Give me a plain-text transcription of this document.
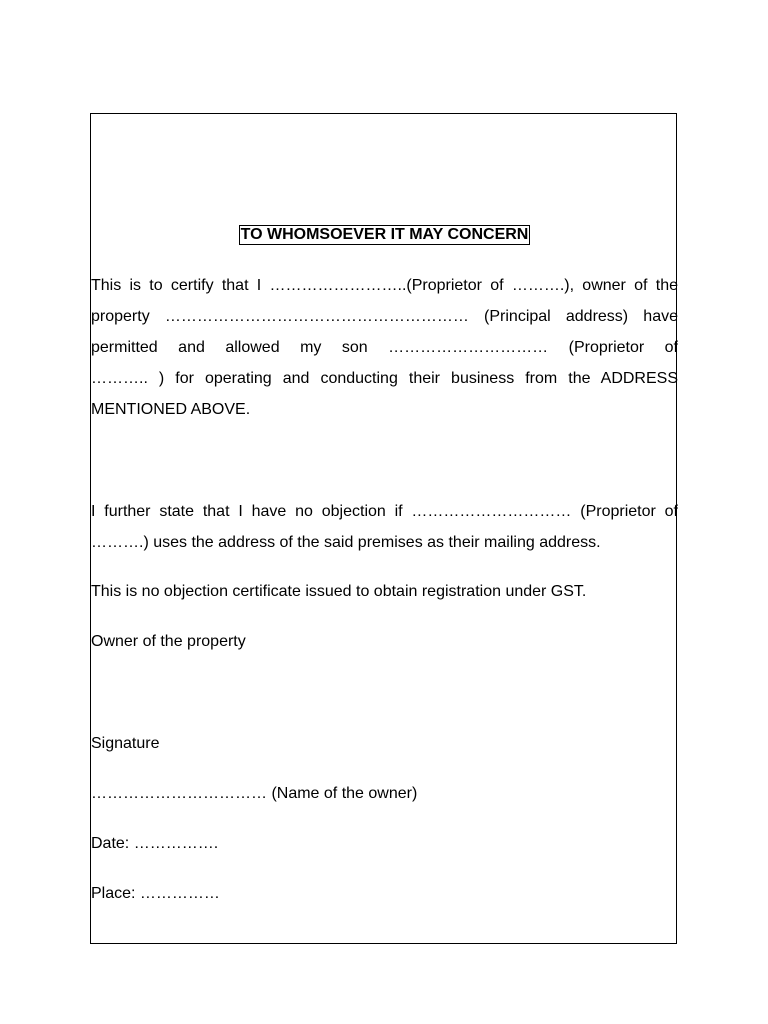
TO WHOMSOEVER IT MAY CONCERN
This is to certify that I ……………………..(Proprietor of ……….), owner of the
property ………………………………………………… (Principal address) have
permitted and allowed my son ………………………… (Proprietor of
……….. ) for operating and conducting their business from the ADDRESS
MENTIONED ABOVE.
I further state that I have no objection if ………………………… (Proprietor of
……….) uses the address of the said premises as their mailing address.

This is no objection certificate issued to obtain registration under GST.

Owner of the property

Signature

…………………………… (Name of the owner)

Date: …………….

Place: ……………
